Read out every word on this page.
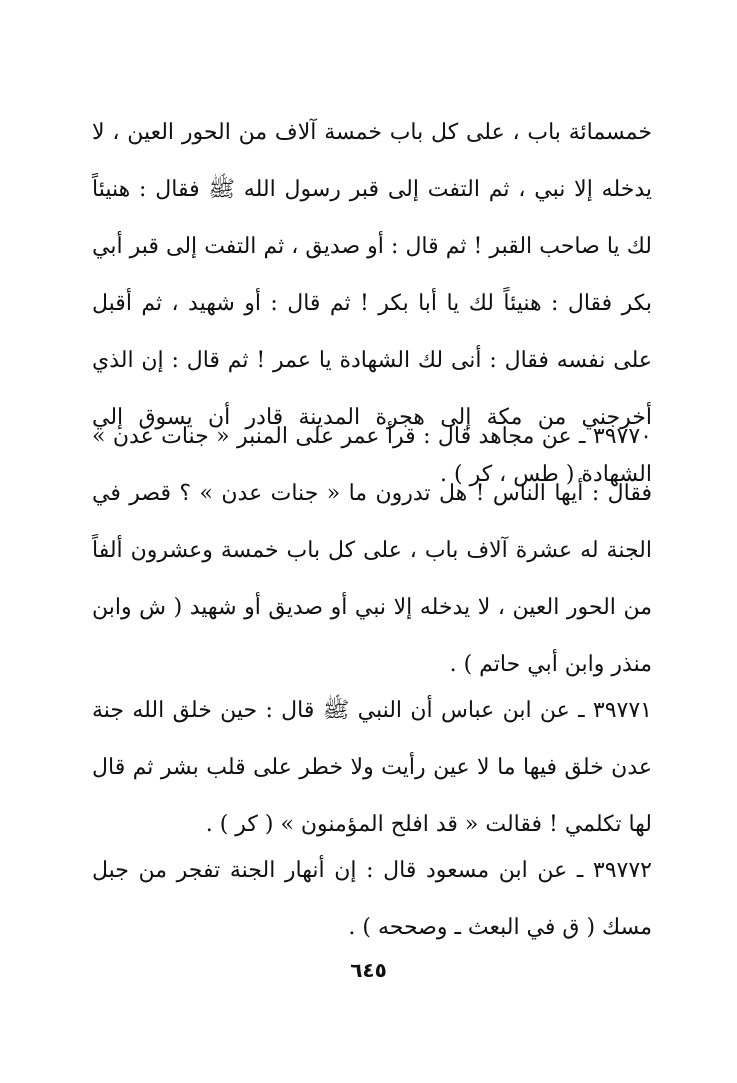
خمسمائة باب ، على كل باب خمسة آلاف من الحور العين ، لا يدخله إلا نبي ، ثم التفت إلى قبر رسول الله ﷺ فقال : هنيئاً لك يا صاحب القبر ! ثم قال : أو صديق ، ثم التفت إلى قبر أبي بكر فقال : هنيئاً لك يا أبا بكر ! ثم قال : أو شهيد ، ثم أقبل على نفسه فقال : أنى لك الشهادة يا عمر ! ثم قال : إن الذي أخرجني من مكة إلى هجرة المدينة قادر أن يسوق إلي الشهادة ( طس ، كر ) .

٣٩٧٧٠ ـ عن مجاهد قال : قرأ عمر على المنبر « جنات عدن » فقال : أيها الناس ! هل تدرون ما « جنات عدن » ؟ قصر في الجنة له عشرة آلاف باب ، على كل باب خمسة وعشرون ألفاً من الحور العين ، لا يدخله إلا نبي أو صديق أو شهيد ( ش وابن منذر وابن أبي حاتم ) .

٣٩٧٧١ ـ عن ابن عباس أن النبي ﷺ قال : حين خلق الله جنة عدن خلق فيها ما لا عين رأيت ولا خطر على قلب بشر ثم قال لها تكلمي ! فقالت « قد افلح المؤمنون » ( كر ) .

٣٩٧٧٢ ـ عن ابن مسعود قال : إن أنهار الجنة تفجر من جبل مسك ( ق في البعث ـ وصححه ) .

٦٤٥
